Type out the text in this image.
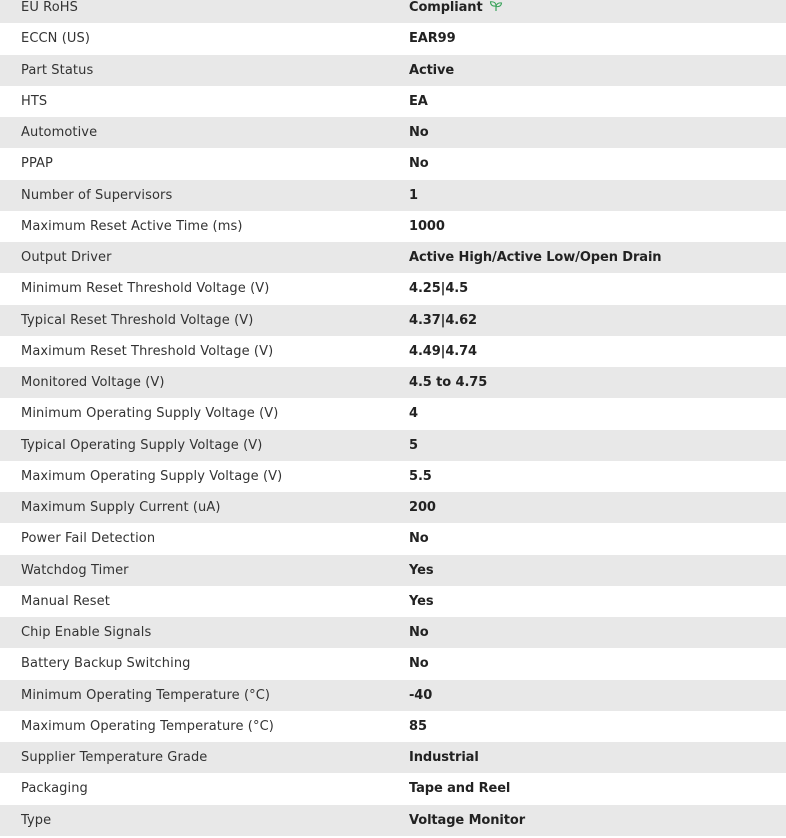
EU RoHS	Compliant
ECCN (US)	EAR99
Part Status	Active
HTS	EA
Automotive	No
PPAP	No
Number of Supervisors	1
Maximum Reset Active Time (ms)	1000
Output Driver	Active High/Active Low/Open Drain
Minimum Reset Threshold Voltage (V)	4.25|4.5
Typical Reset Threshold Voltage (V)	4.37|4.62
Maximum Reset Threshold Voltage (V)	4.49|4.74
Monitored Voltage (V)	4.5 to 4.75
Minimum Operating Supply Voltage (V)	4
Typical Operating Supply Voltage (V)	5
Maximum Operating Supply Voltage (V)	5.5
Maximum Supply Current (uA)	200
Power Fail Detection	No
Watchdog Timer	Yes
Manual Reset	Yes
Chip Enable Signals	No
Battery Backup Switching	No
Minimum Operating Temperature (°C)	-40
Maximum Operating Temperature (°C)	85
Supplier Temperature Grade	Industrial
Packaging	Tape and Reel
Type	Voltage Monitor
